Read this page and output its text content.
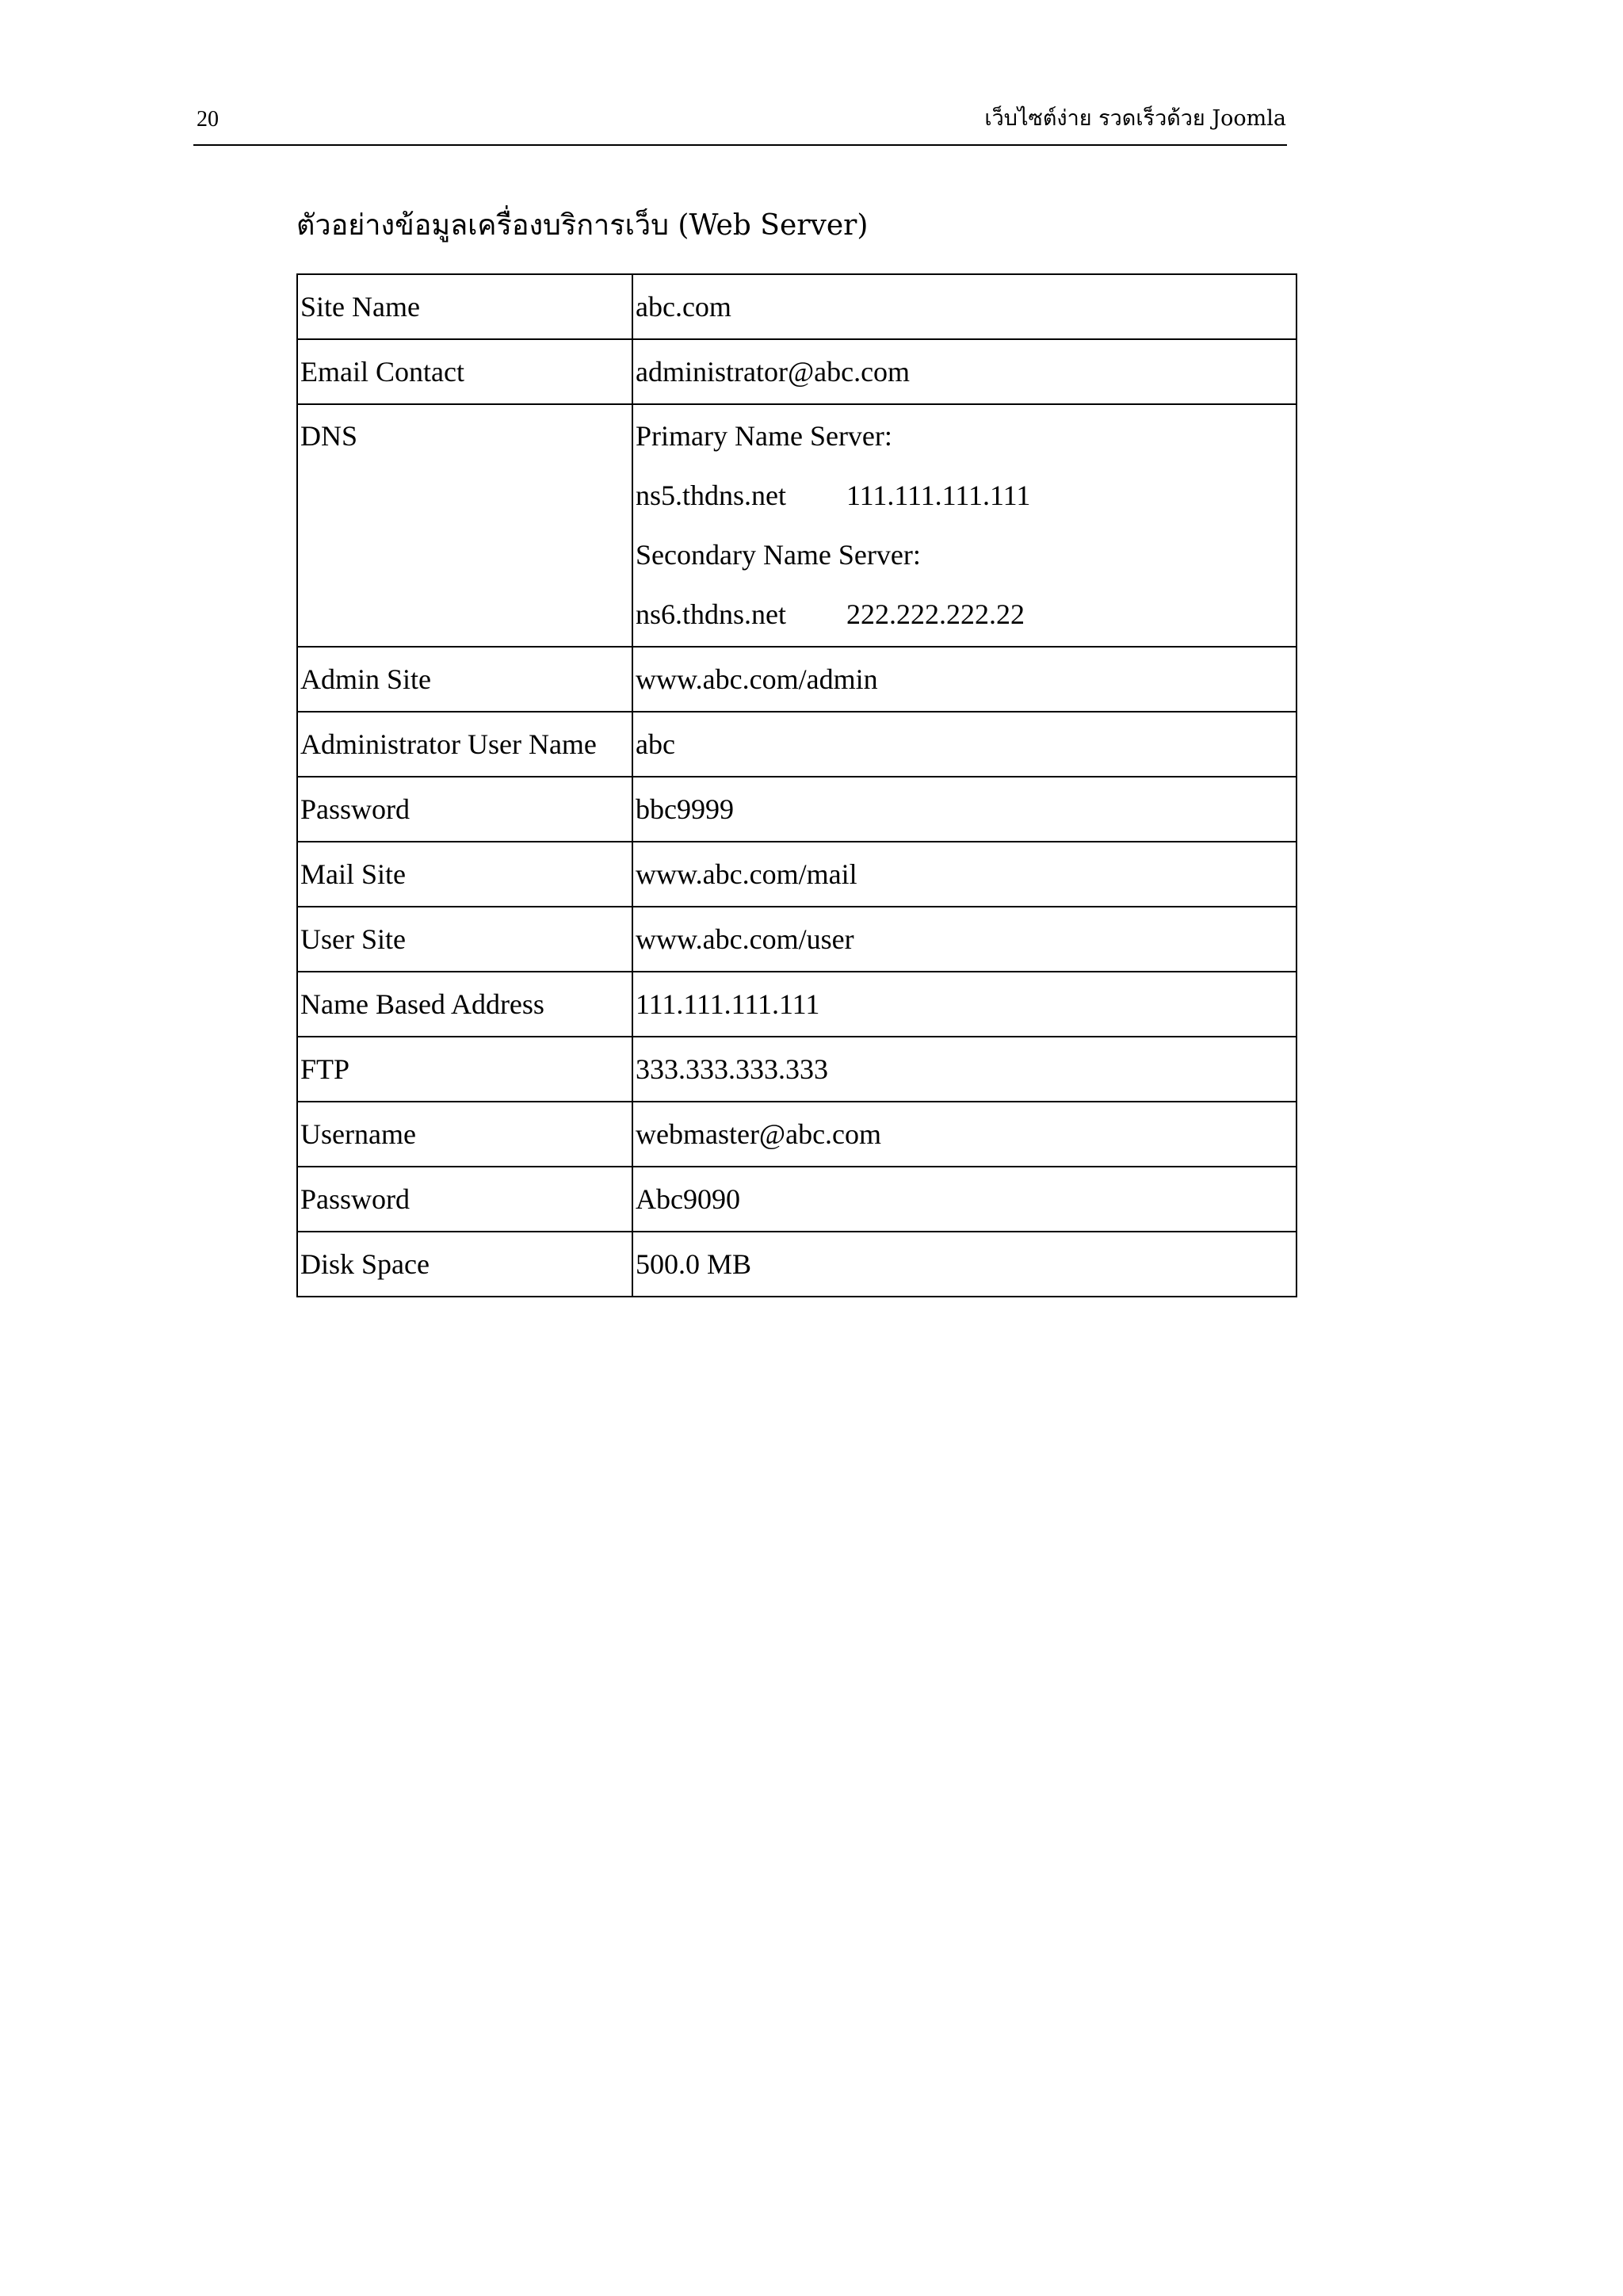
20	เว็บไซต์ง่าย รวดเร็วด้วย Joomla
ตัวอย่างข้อมูลเครื่องบริการเว็บ (Web Server)
Site Name	abc.com
Email Contact	administrator@abc.com

DNS	Primary Name Server:
ns5.thdns.net 111.111.111.111
Secondary Name Server:
ns6.thdns.net 222.222.222.22

Admin Site	www.abc.com/admin
Administrator User Name	abc
Password	bbc9999
Mail Site	www.abc.com/mail
User Site	www.abc.com/user
Name Based Address	111.111.111.111
FTP	333.333.333.333
Username	webmaster@abc.com
Password	Abc9090
Disk Space	500.0 MB
